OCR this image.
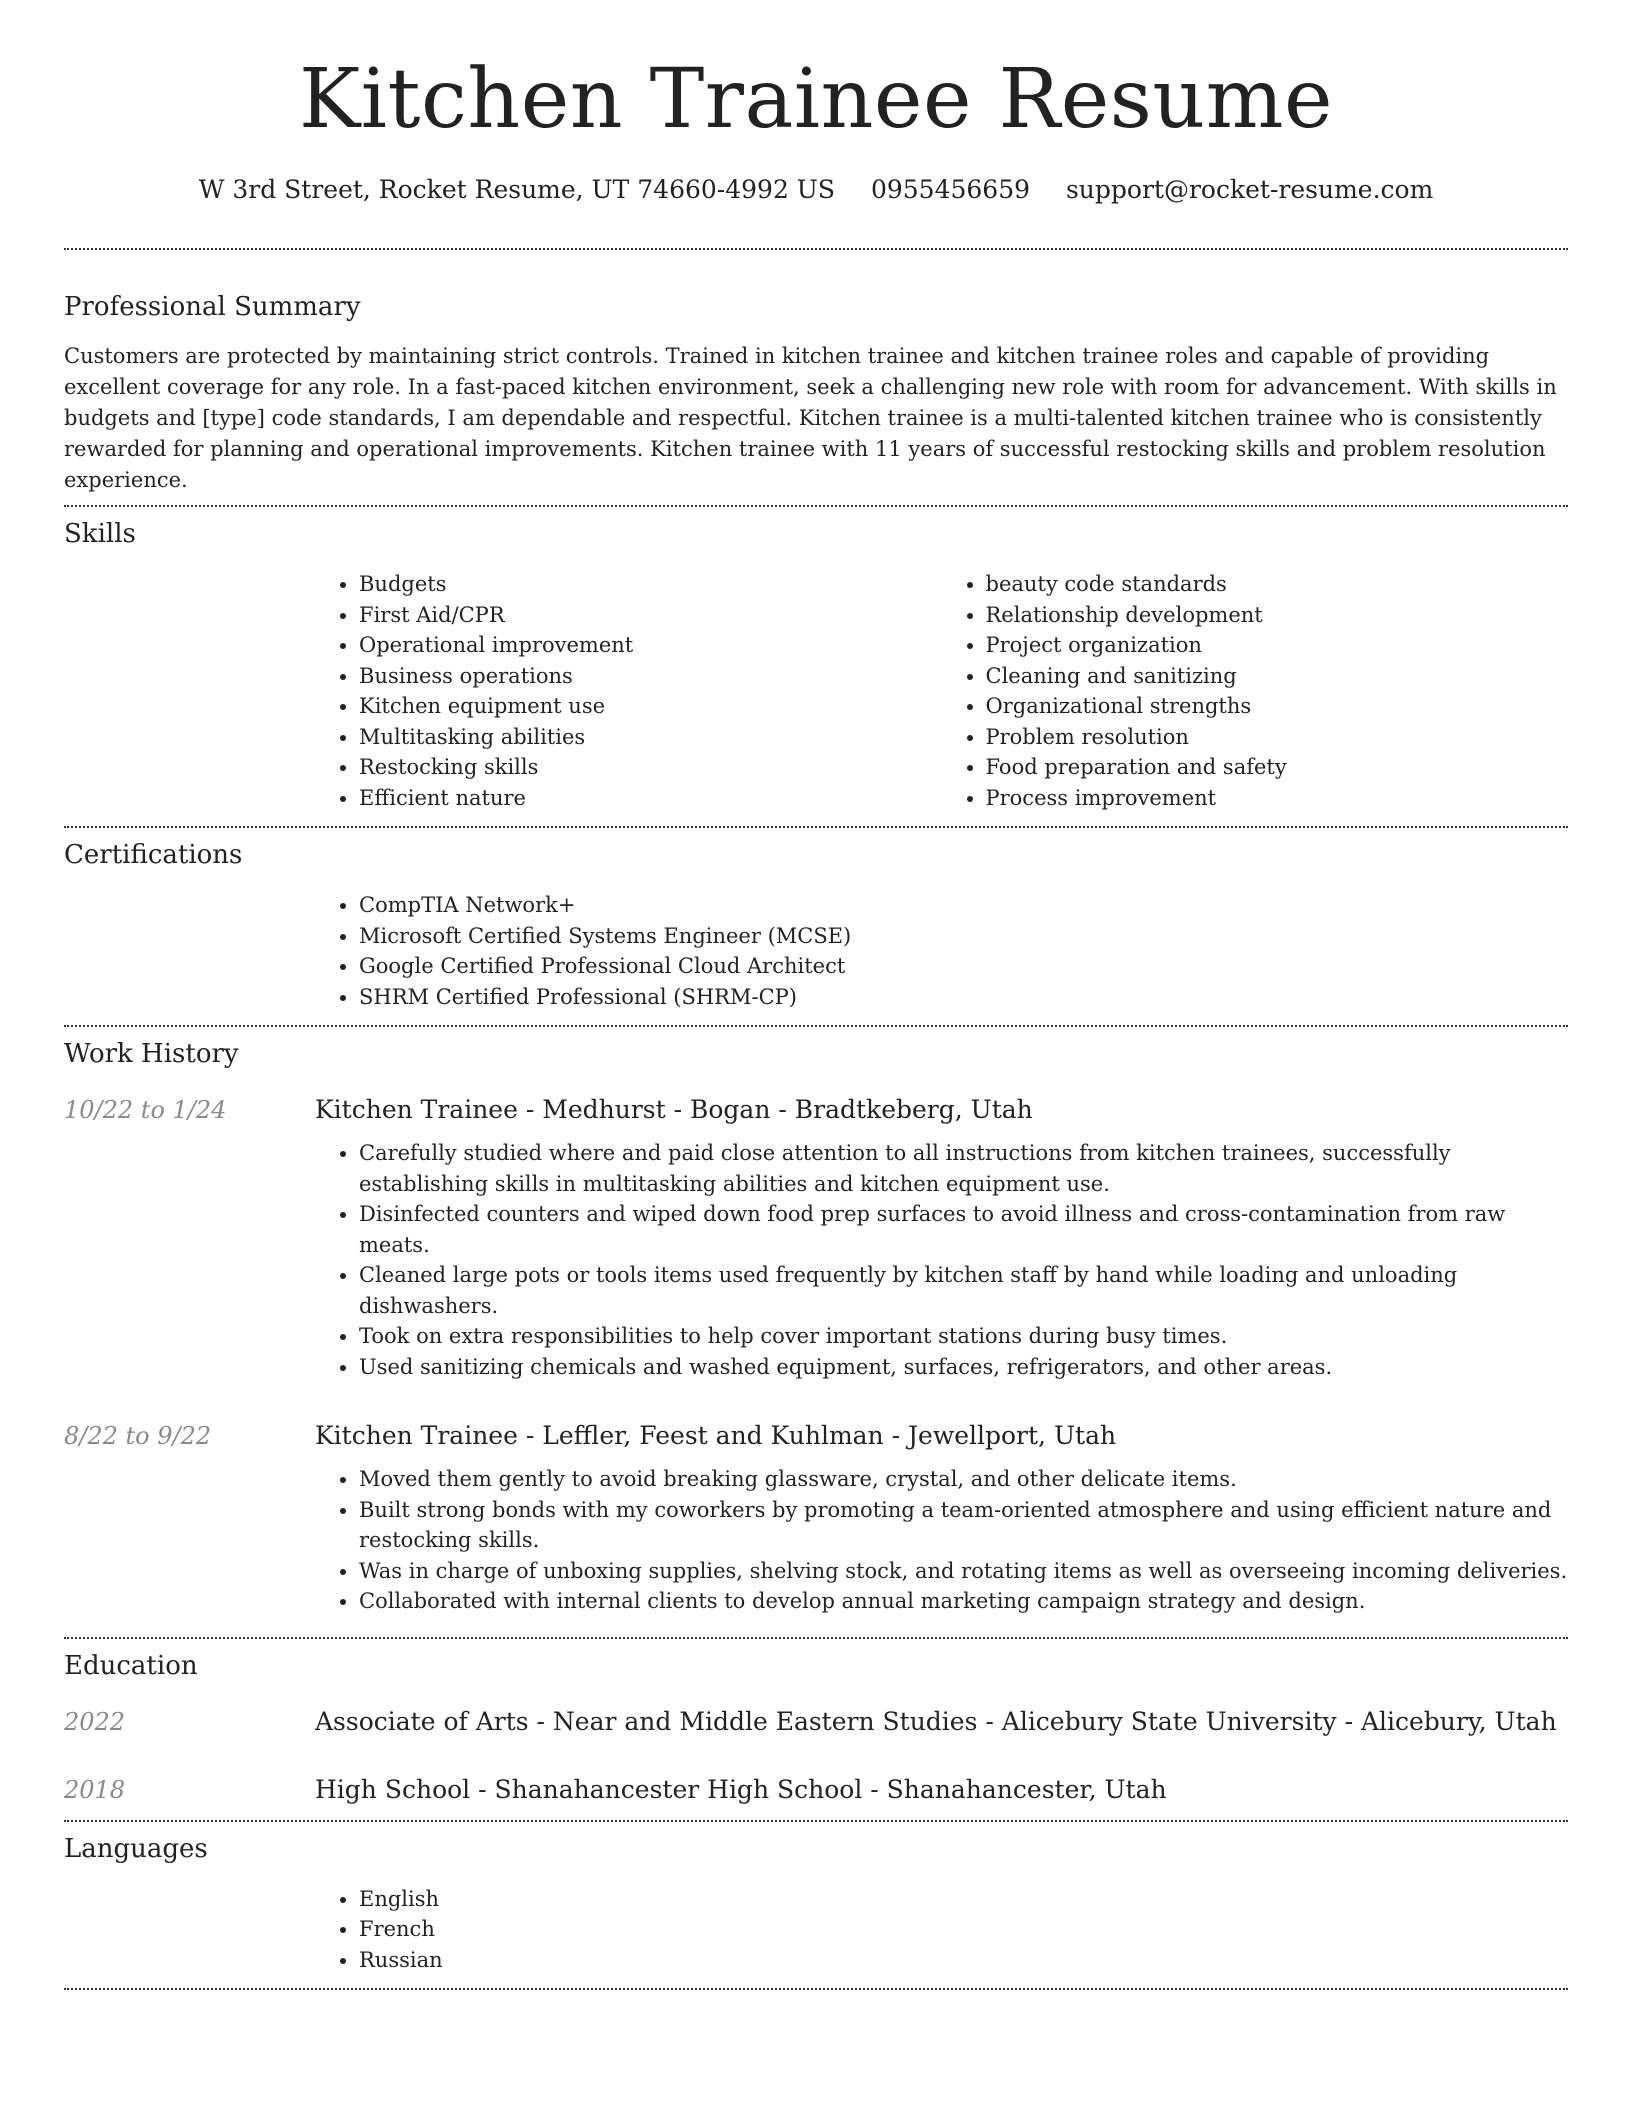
Kitchen Trainee Resume
W 3rd Street, Rocket Resume, UT 74660-4992 US 0955456659 support@rocket-resume.com
Professional Summary

Customers are protected by maintaining strict controls. Trained in kitchen trainee and kitchen trainee roles and capable of providing excellent coverage for any role. In a fast-paced kitchen environment, seek a challenging new role with room for advancement. With skills in budgets and [type] code standards, I am dependable and respectful. Kitchen trainee is a multi-talented kitchen trainee who is consistently rewarded for planning and operational improvements. Kitchen trainee with 11 years of successful restocking skills and problem resolution experience.

Skills
• Budgets
• First Aid/CPR
• Operational improvement
• Business operations
• Kitchen equipment use
• Multitasking abilities
• Restocking skills
• Efficient nature
• beauty code standards
• Relationship development
• Project organization
• Cleaning and sanitizing
• Organizational strengths
• Problem resolution
• Food preparation and safety
• Process improvement
Certifications
• CompTIA Network+
• Microsoft Certified Systems Engineer (MCSE)
• Google Certified Professional Cloud Architect
• SHRM Certified Professional (SHRM-CP)
Work History
10/22 to 1/24	Kitchen Trainee - Medhurst - Bogan - Bradtkeberg, Utah
• Carefully studied where and paid close attention to all instructions from kitchen trainees, successfully establishing skills in multitasking abilities and kitchen equipment use.
• Disinfected counters and wiped down food prep surfaces to avoid illness and cross-contamination from raw meats.
• Cleaned large pots or tools items used frequently by kitchen staff by hand while loading and unloading dishwashers.
• Took on extra responsibilities to help cover important stations during busy times.
• Used sanitizing chemicals and washed equipment, surfaces, refrigerators, and other areas.
8/22 to 9/22	Kitchen Trainee - Leffler, Feest and Kuhlman - Jewellport, Utah
• Moved them gently to avoid breaking glassware, crystal, and other delicate items.
• Built strong bonds with my coworkers by promoting a team-oriented atmosphere and using efficient nature and restocking skills.
• Was in charge of unboxing supplies, shelving stock, and rotating items as well as overseeing incoming deliveries.
• Collaborated with internal clients to develop annual marketing campaign strategy and design.
Education
2022	Associate of Arts - Near and Middle Eastern Studies - Alicebury State University - Alicebury, Utah
2018	High School - Shanahancester High School - Shanahancester, Utah
Languages
• English
• French
• Russian
